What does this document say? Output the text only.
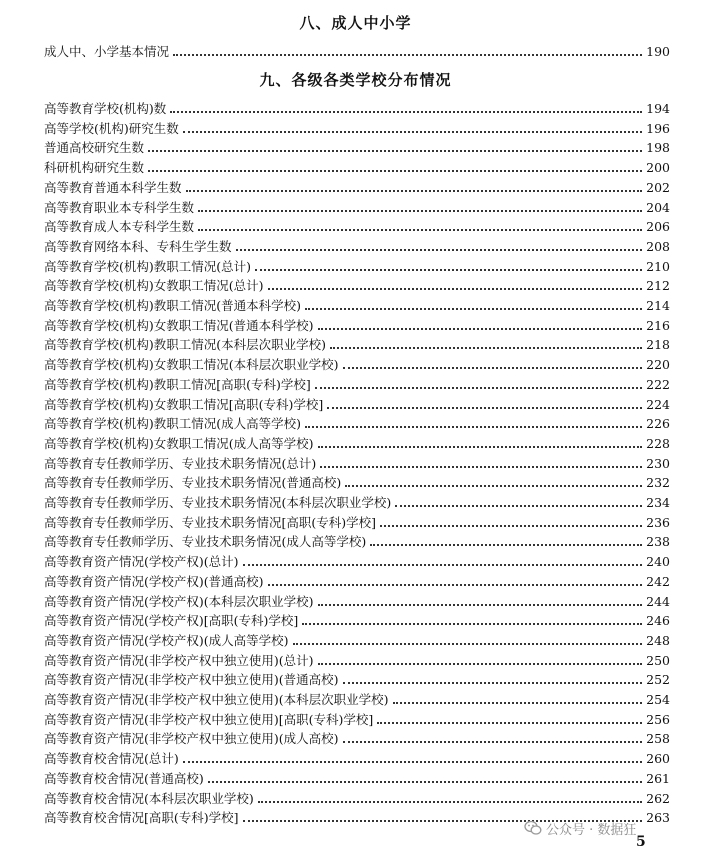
八、成人中小学
成人中、小学基本情况	190
九、各级各类学校分布情况
高等教育学校(机构)数	194
高等学校(机构)研究生数	196
普通高校研究生数	198
科研机构研究生数	200
高等教育普通本科学生数	202
高等教育职业本专科学生数	204
高等教育成人本专科学生数	206
高等教育网络本科、专科生学生数	208
高等教育学校(机构)教职工情况(总计)	210
高等教育学校(机构)女教职工情况(总计)	212
高等教育学校(机构)教职工情况(普通本科学校)	214
高等教育学校(机构)女教职工情况(普通本科学校)	216
高等教育学校(机构)教职工情况(本科层次职业学校)	218
高等教育学校(机构)女教职工情况(本科层次职业学校)	220
高等教育学校(机构)教职工情况[高职(专科)学校]	222
高等教育学校(机构)女教职工情况[高职(专科)学校]	224
高等教育学校(机构)教职工情况(成人高等学校)	226
高等教育学校(机构)女教职工情况(成人高等学校)	228
高等教育专任教师学历、专业技术职务情况(总计)	230
高等教育专任教师学历、专业技术职务情况(普通高校)	232
高等教育专任教师学历、专业技术职务情况(本科层次职业学校)	234
高等教育专任教师学历、专业技术职务情况[高职(专科)学校]	236
高等教育专任教师学历、专业技术职务情况(成人高等学校)	238
高等教育资产情况(学校产权)(总计)	240
高等教育资产情况(学校产权)(普通高校)	242
高等教育资产情况(学校产权)(本科层次职业学校)	244
高等教育资产情况(学校产权)[高职(专科)学校]	246
高等教育资产情况(学校产权)(成人高等学校)	248
高等教育资产情况(非学校产权中独立使用)(总计)	250
高等教育资产情况(非学校产权中独立使用)(普通高校)	252
高等教育资产情况(非学校产权中独立使用)(本科层次职业学校)	254
高等教育资产情况(非学校产权中独立使用)[高职(专科)学校]	256
高等教育资产情况(非学校产权中独立使用)(成人高校)	258
高等教育校舍情况(总计)	260
高等教育校舍情况(普通高校)	261
高等教育校舍情况(本科层次职业学校)	262
高等教育校舍情况[高职(专科)学校]	263
公众号 · 数据狂
5
